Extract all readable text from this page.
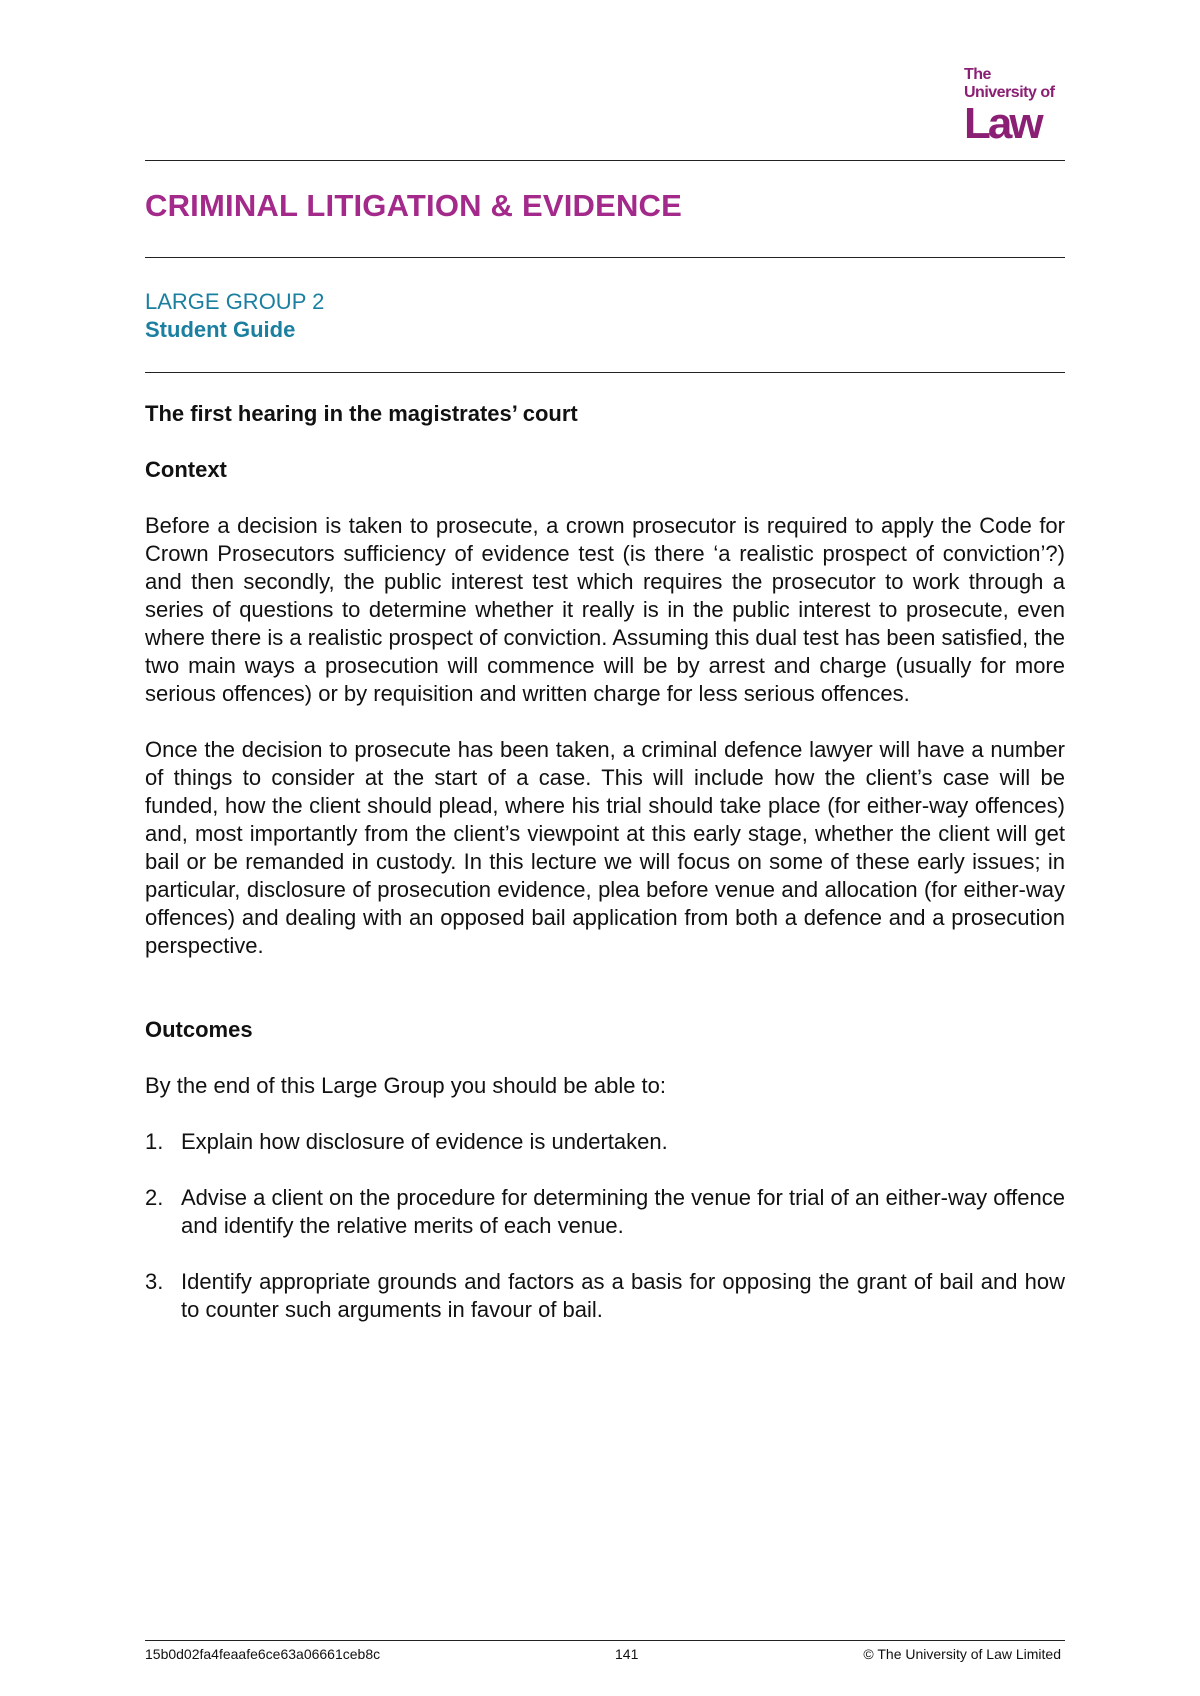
The
University of
Law
CRIMINAL LITIGATION & EVIDENCE
LARGE GROUP 2
Student Guide
The first hearing in the magistrates’ court
Context

Before a decision is taken to prosecute, a crown prosecutor is required to apply the Code for Crown Prosecutors sufficiency of evidence test (is there ‘a realistic prospect of conviction’?) and then secondly, the public interest test which requires the prosecutor to work through a series of questions to determine whether it really is in the public interest to prosecute, even where there is a realistic prospect of conviction. Assuming this dual test has been satisfied, the two main ways a prosecution will commence will be by arrest and charge (usually for more serious offences) or by requisition and written charge for less serious offences.

Once the decision to prosecute has been taken, a criminal defence lawyer will have a number of things to consider at the start of a case. This will include how the client’s case will be funded, how the client should plead, where his trial should take place (for either-way offences) and, most importantly from the client’s viewpoint at this early stage, whether the client will get bail or be remanded in custody. In this lecture we will focus on some of these early issues; in particular, disclosure of prosecution evidence, plea before venue and allocation (for either-way offences) and dealing with an opposed bail application from both a defence and a prosecution perspective.

Outcomes

By the end of this Large Group you should be able to:

1. Explain how disclosure of evidence is undertaken.
2. Advise a client on the procedure for determining the venue for trial of an either-way offence and identify the relative merits of each venue.
3. Identify appropriate grounds and factors as a basis for opposing the grant of bail and how to counter such arguments in favour of bail.
15b0d02fa4feaafe6ce63a06661ceb8c	141	© The University of Law Limited
